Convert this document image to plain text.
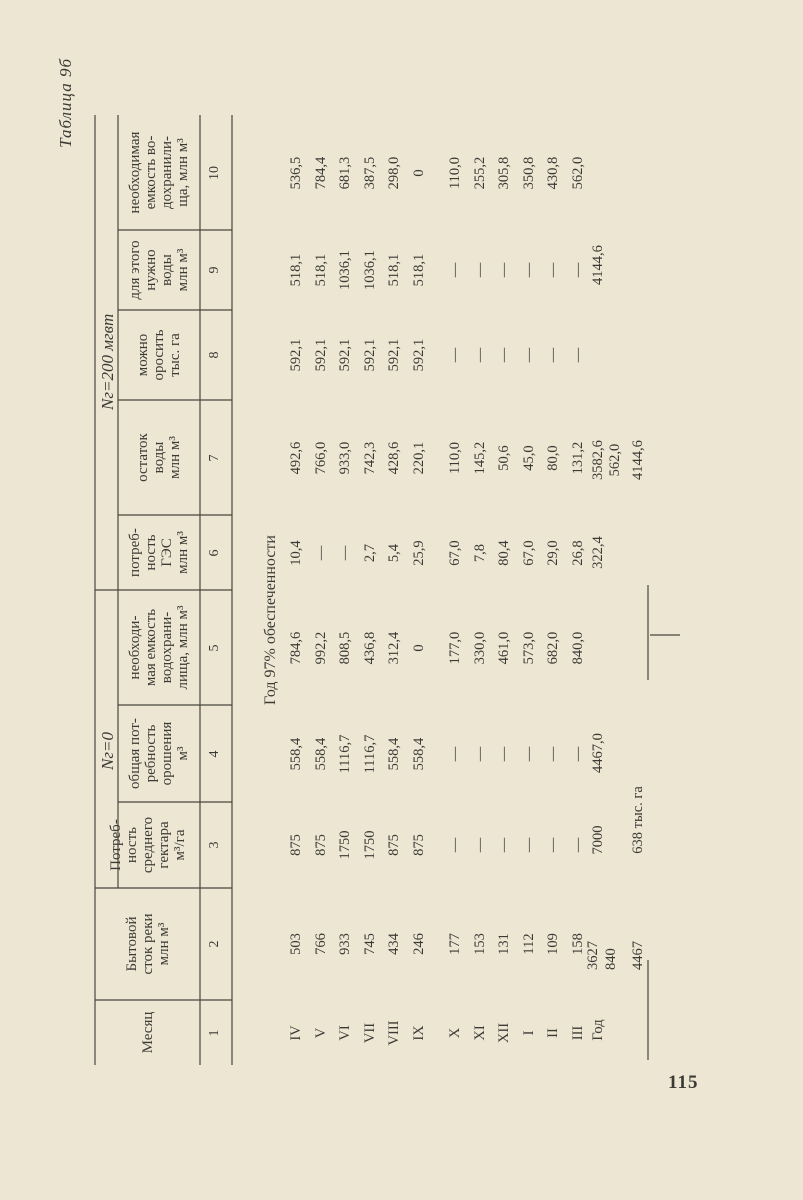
Таблица 9б
Nг=0
Nг=200 мгвт
Месяц
Бытовой сток реки млн м³
Потреб- ность среднего гектара м³/га
общая пот- ребность орошения м³
необходи- мая емкость водохрани- лища, млн м³
потреб- ность ГЭС млн м³
остаток воды млн м³
можно оросить тыс. га
для этого нужно воды млн м³
необходимая емкость во- дохранили- ща, млн м³
1
2
3
4
5
6
7
8
9
10
Год 97% обеспеченности
IV
503
875
558,4
784,6
10,4
492,6
592,1
518,1
536,5
V
766
875
558,4
992,2
—
766,0
592,1
518,1
784,4
VI
933
1750
1116,7
808,5
—
933,0
592,1
1036,1
681,3
VII
745
1750
1116,7
436,8
2,7
742,3
592,1
1036,1
387,5
VIII
434
875
558,4
312,4
5,4
428,6
592,1
518,1
298,0
IX
246
875
558,4
0
25,9
220,1
592,1
518,1
0
X
177
—
—
177,0
67,0
110,0
—
—
110,0
XI
153
—
—
330,0
7,8
145,2
—
—
255,2
XII
131
—
—
461,0
80,4
50,6
—
—
305,8
I
112
—
—
573,0
67,0
45,0
—
—
350,8
II
109
—
—
682,0
29,0
80,0
—
—
430,8
III
158
—
—
840,0
26,8
131,2
—
—
562,0
Год
3627 840 4467
7000 638 тыс. га
4467,0
322,4
3582,6 562,0 4144,6
4144,6
115
